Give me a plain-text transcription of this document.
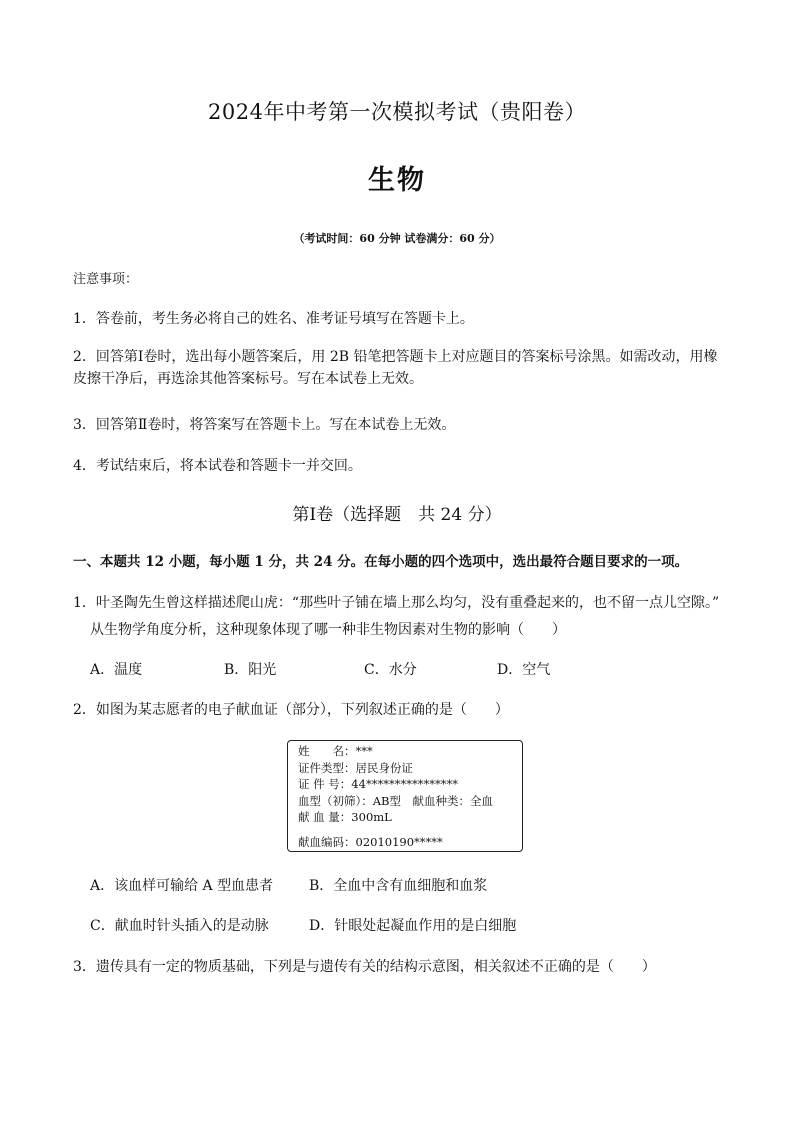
2024年中考第一次模拟考试（贵阳卷）
生物
（考试时间：60 分钟 试卷满分：60 分）
注意事项：
1．答卷前，考生务必将自己的姓名、准考证号填写在答题卡上。
2．回答第Ⅰ卷时，选出每小题答案后，用 2B 铅笔把答题卡上对应题目的答案标号涂黑。如需改动，用橡皮擦干净后，再选涂其他答案标号。写在本试卷上无效。
3．回答第Ⅱ卷时，将答案写在答题卡上。写在本试卷上无效。
4．考试结束后，将本试卷和答题卡一并交回。
第Ⅰ卷（选择题　共 24 分）
一、本题共 12 小题，每小题 1 分，共 24 分。在每小题的四个选项中，选出最符合题目要求的一项。
1．叶圣陶先生曾这样描述爬山虎：“那些叶子铺在墙上那么均匀，没有重叠起来的，也不留一点儿空隙。”
从生物学角度分析，这种现象体现了哪一种非生物因素对生物的影响（　　）
A．温度	B．阳光	C．水分	D．空气
2．如图为某志愿者的电子献血证（部分），下列叙述正确的是（　　）
姓　　名：***
证件类型：居民身份证
证 件 号：44****************
血型（初筛）：AB型　献血种类：全血
献 血 量：300mL
献血编码：02010190*****
A．该血样可输给 A 型血患者	B．全血中含有血细胞和血浆
C．献血时针头插入的是动脉	D．针眼处起凝血作用的是白细胞
3．遗传具有一定的物质基础，下列是与遗传有关的结构示意图，相关叙述不正确的是（　　）
